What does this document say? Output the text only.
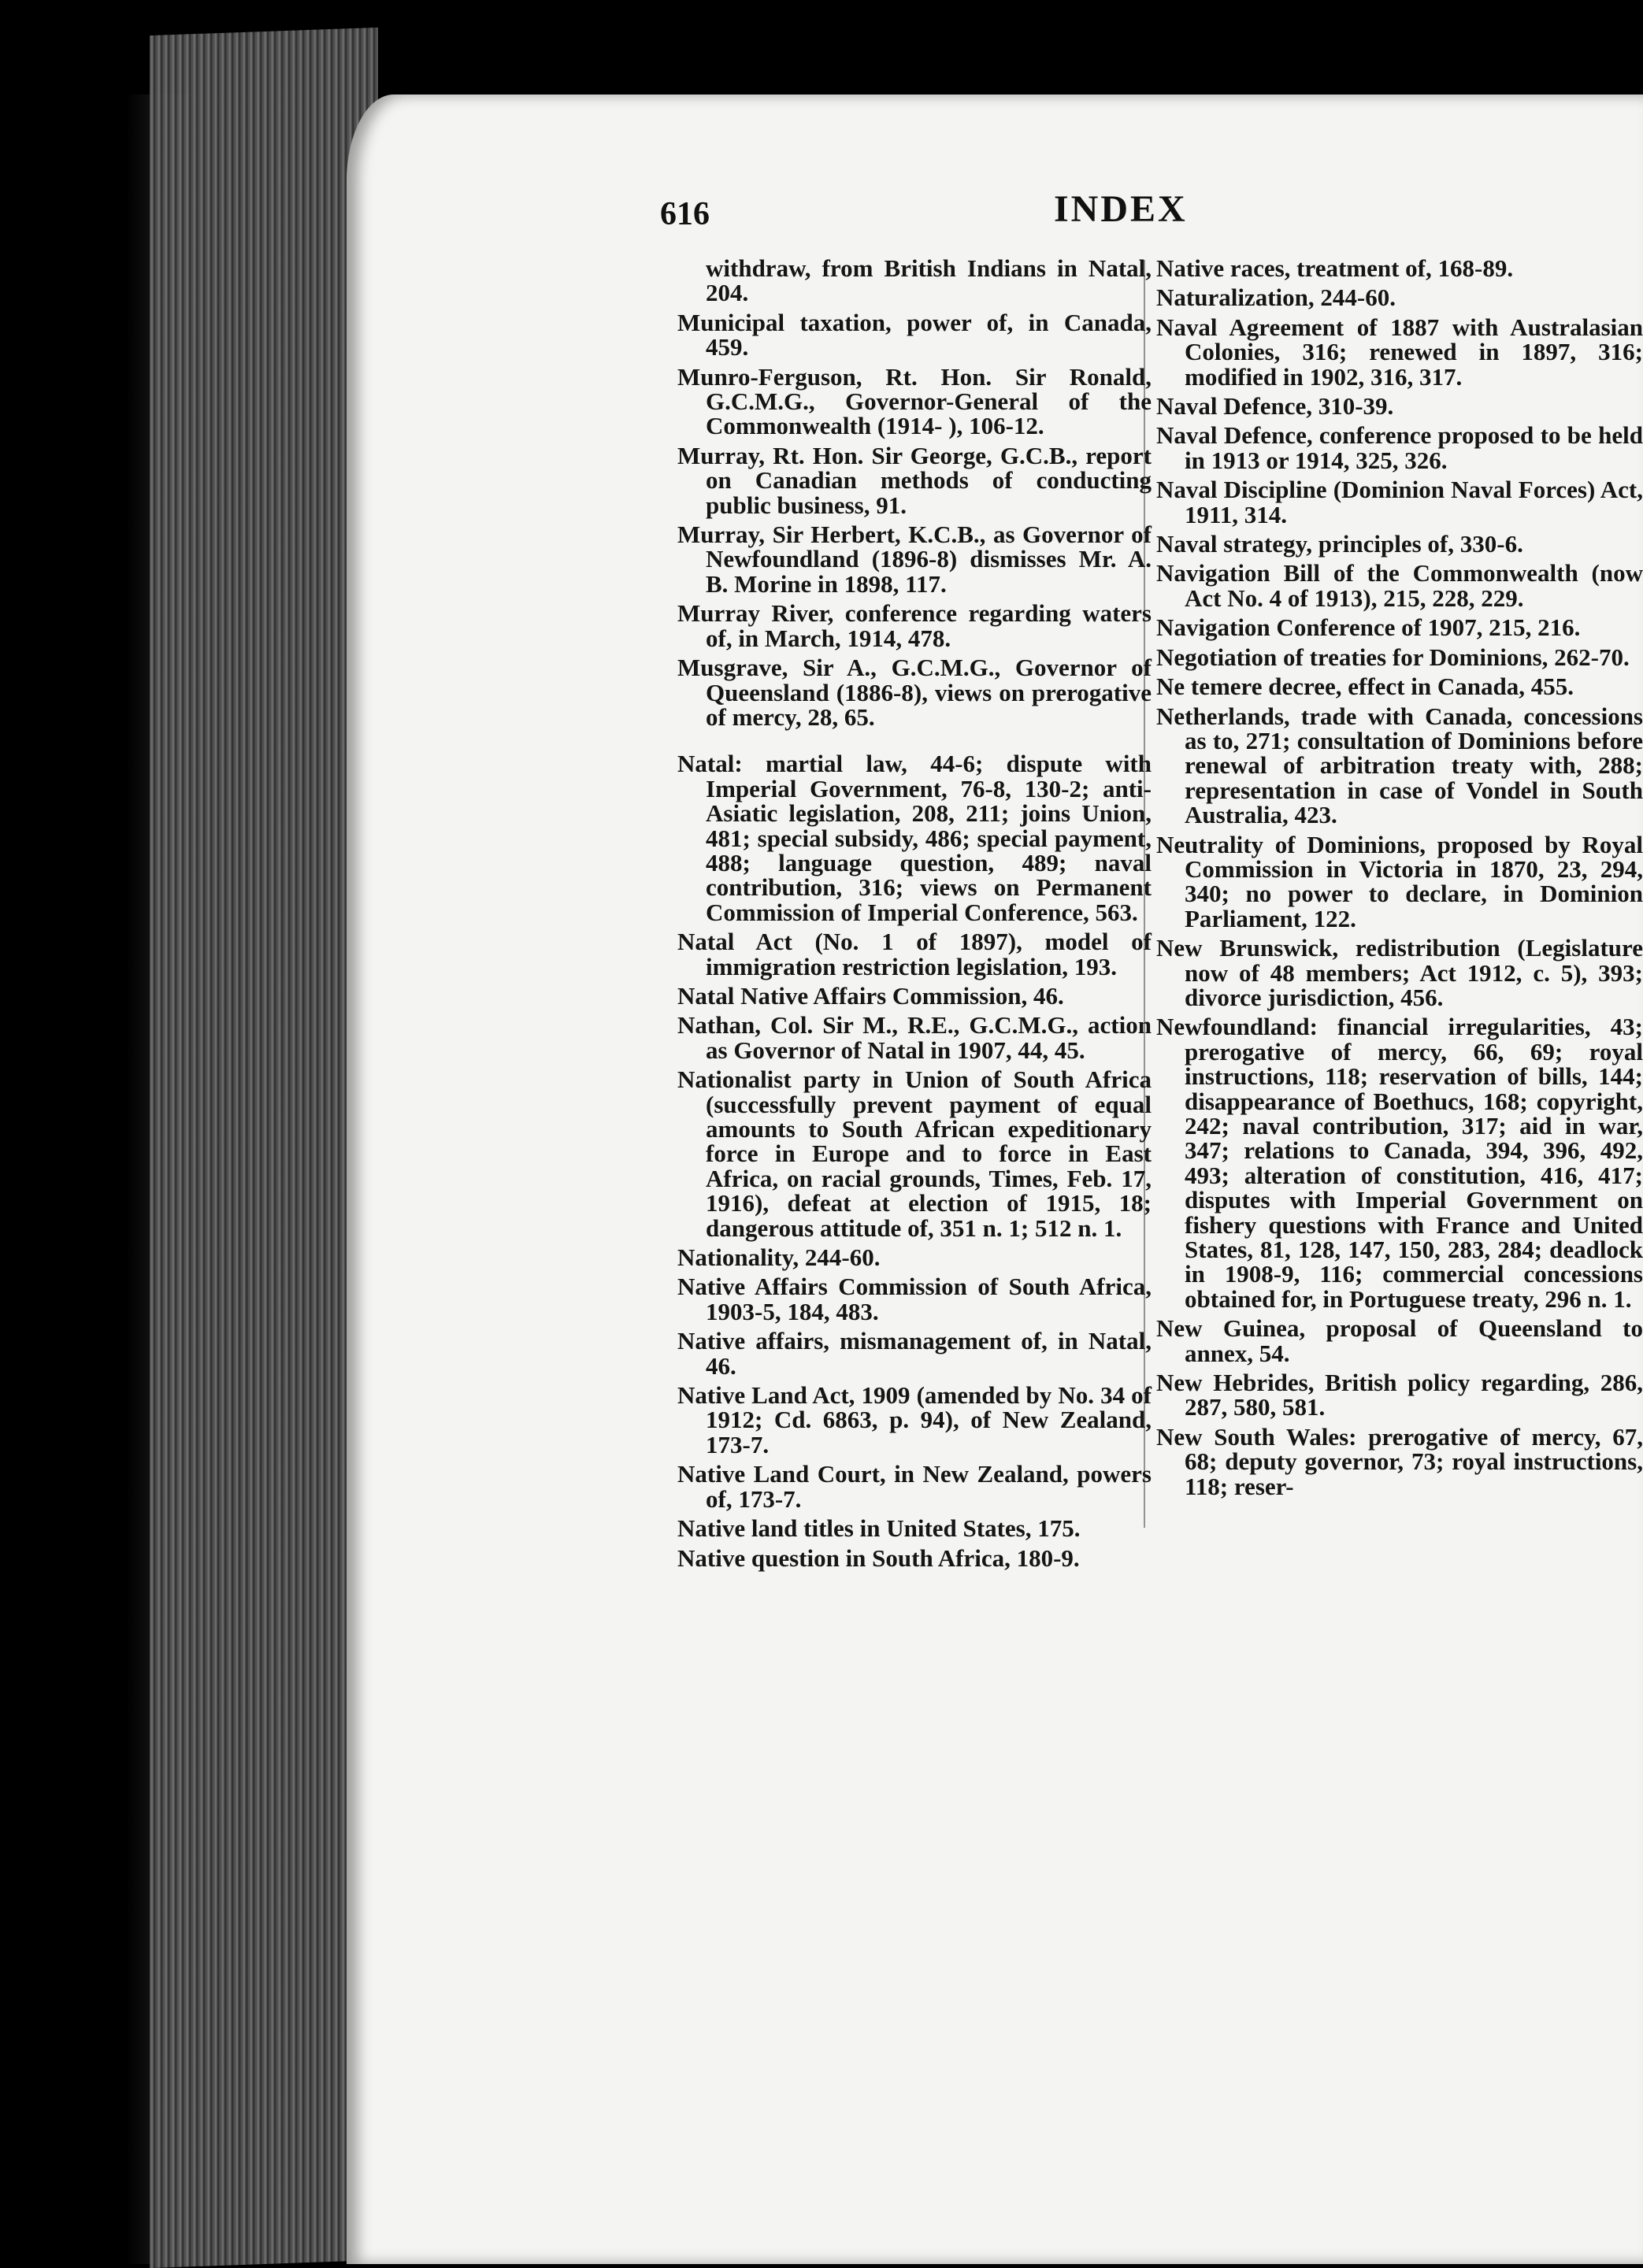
616	INDEX

withdraw, from British Indians in Natal, 204.

Municipal taxation, power of, in Canada, 459.

Munro-Ferguson, Rt. Hon. Sir Ronald, G.C.M.G., Governor-General of the Commonwealth (1914- ), 106-12.

Murray, Rt. Hon. Sir George, G.C.B., report on Canadian methods of conducting public business, 91.

Murray, Sir Herbert, K.C.B., as Governor of Newfoundland (1896-8) dismisses Mr. A. B. Morine in 1898, 117.

Murray River, conference regarding waters of, in March, 1914, 478.

Musgrave, Sir A., G.C.M.G., Governor of Queensland (1886-8), views on prerogative of mercy, 28, 65.

Natal: martial law, 44-6; dispute with Imperial Government, 76-8, 130-2; anti-Asiatic legislation, 208, 211; joins Union, 481; special subsidy, 486; special payment, 488; language question, 489; naval contribution, 316; views on Permanent Commission of Imperial Conference, 563.

Natal Act (No. 1 of 1897), model of immigration restriction legislation, 193.

Natal Native Affairs Commission, 46.

Nathan, Col. Sir M., R.E., G.C.M.G., action as Governor of Natal in 1907, 44, 45.

Nationalist party in Union of South Africa (successfully prevent payment of equal amounts to South African expeditionary force in Europe and to force in East Africa, on racial grounds, Times, Feb. 17, 1916), defeat at election of 1915, 18; dangerous attitude of, 351 n. 1; 512 n. 1.

Nationality, 244-60.

Native Affairs Commission of South Africa, 1903-5, 184, 483.

Native affairs, mismanagement of, in Natal, 46.

Native Land Act, 1909 (amended by No. 34 of 1912; Cd. 6863, p. 94), of New Zealand, 173-7.

Native Land Court, in New Zealand, powers of, 173-7.

Native land titles in United States, 175.

Native question in South Africa, 180-9.

Native races, treatment of, 168-89.

Naturalization, 244-60.

Naval Agreement of 1887 with Australasian Colonies, 316; renewed in 1897, 316; modified in 1902, 316, 317.

Naval Defence, 310-39.

Naval Defence, conference proposed to be held in 1913 or 1914, 325, 326.

Naval Discipline (Dominion Naval Forces) Act, 1911, 314.

Naval strategy, principles of, 330-6.

Navigation Bill of the Commonwealth (now Act No. 4 of 1913), 215, 228, 229.

Navigation Conference of 1907, 215, 216.

Negotiation of treaties for Dominions, 262-70.

Ne temere decree, effect in Canada, 455.

Netherlands, trade with Canada, concessions as to, 271; consultation of Dominions before renewal of arbitration treaty with, 288; representation in case of Vondel in South Australia, 423.

Neutrality of Dominions, proposed by Royal Commission in Victoria in 1870, 23, 294, 340; no power to declare, in Dominion Parliament, 122.

New Brunswick, redistribution (Legislature now of 48 members; Act 1912, c. 5), 393; divorce jurisdiction, 456.

Newfoundland: financial irregularities, 43; prerogative of mercy, 66, 69; royal instructions, 118; reservation of bills, 144; disappearance of Boethucs, 168; copyright, 242; naval contribution, 317; aid in war, 347; relations to Canada, 394, 396, 492, 493; alteration of constitution, 416, 417; disputes with Imperial Government on fishery questions with France and United States, 81, 128, 147, 150, 283, 284; deadlock in 1908-9, 116; commercial concessions obtained for, in Portuguese treaty, 296 n. 1.

New Guinea, proposal of Queensland to annex, 54.

New Hebrides, British policy regarding, 286, 287, 580, 581.

New South Wales: prerogative of mercy, 67, 68; deputy governor, 73; royal instructions, 118; reser-
